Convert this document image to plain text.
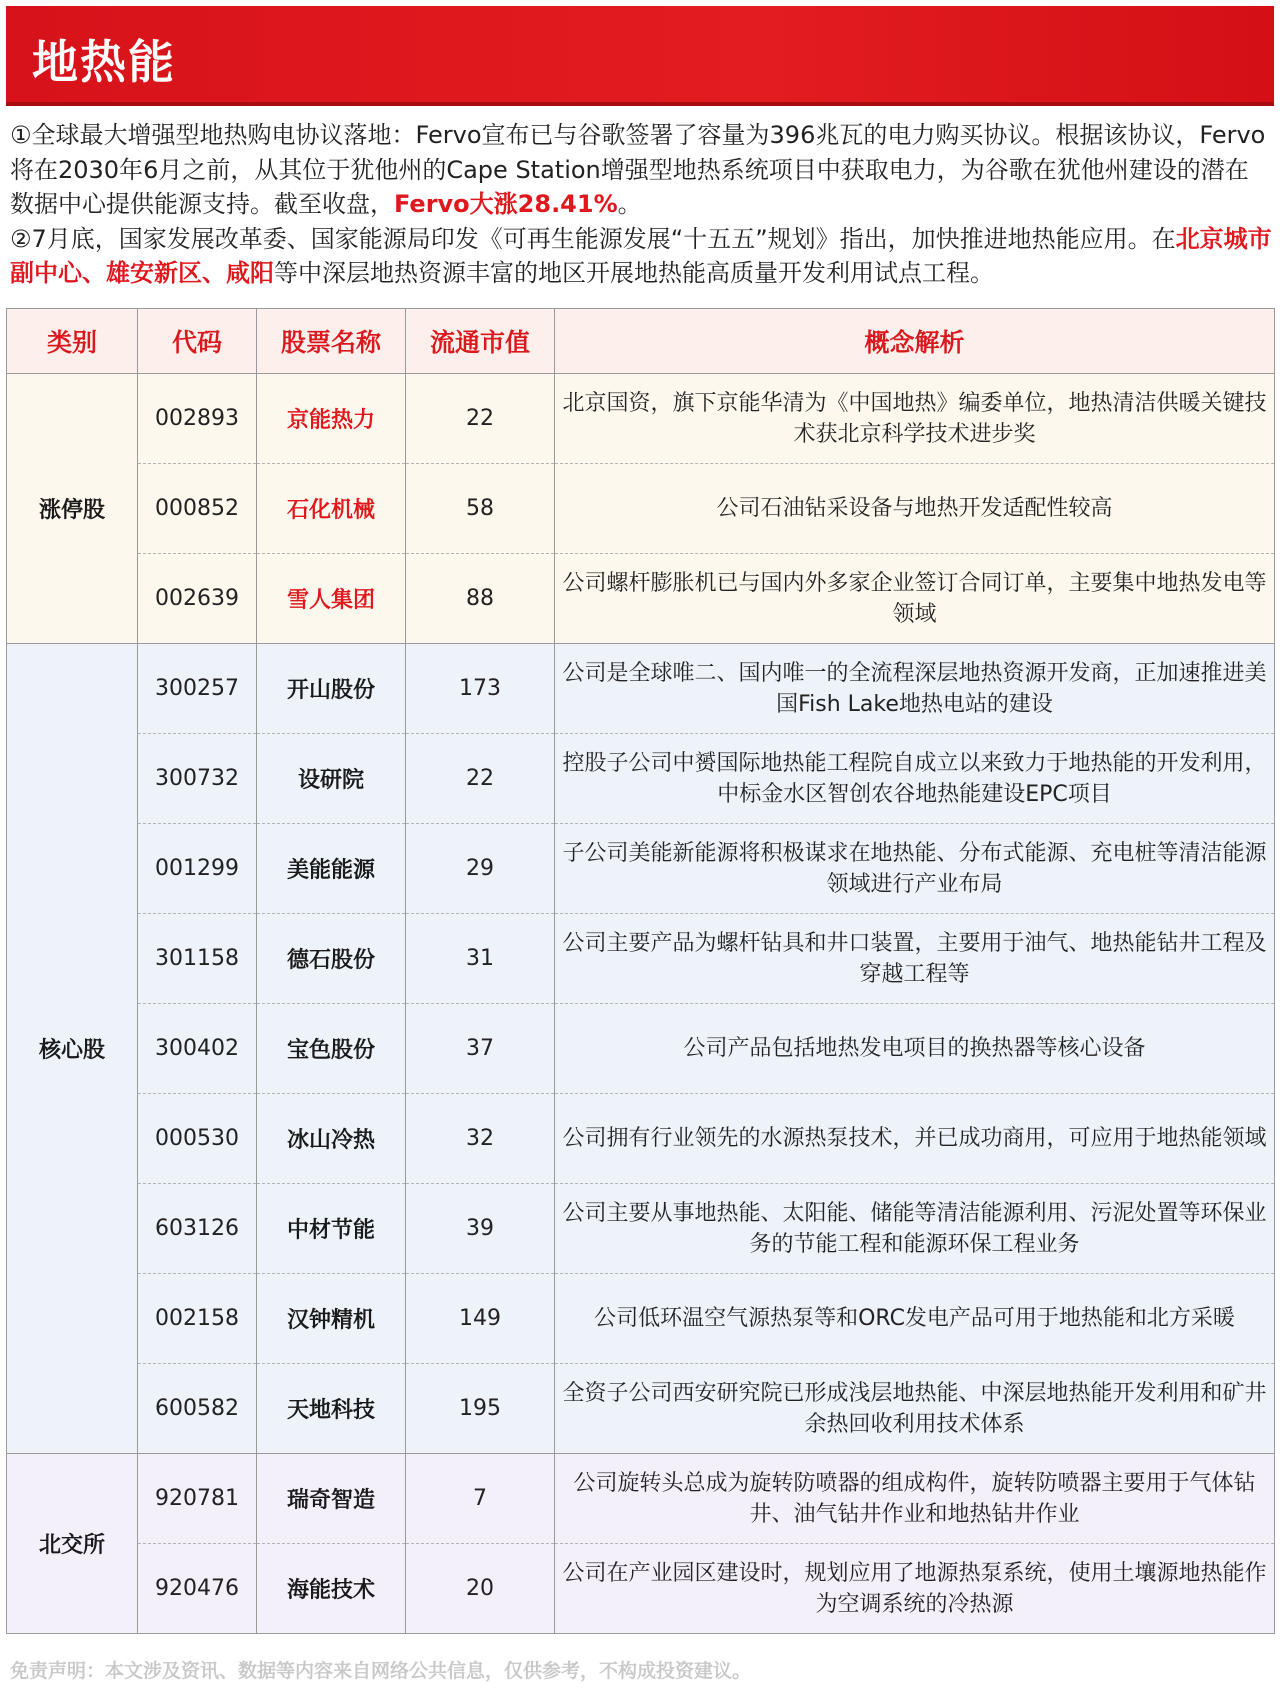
地热能

①全球最大增强型地热购电协议落地：Fervo宣布已与谷歌签署了容量为396兆瓦的电力购买协议。根据该协议，Fervo将在2030年6月之前，从其位于犹他州的Cape Station增强型地热系统项目中获取电力，为谷歌在犹他州建设的潜在数据中心提供能源支持。截至收盘，Fervo大涨28.41%。

②7月底，国家发展改革委、国家能源局印发《可再生能源发展“十五五”规划》指出，加快推进地热能应用。在北京城市副中心、雄安新区、咸阳等中深层地热资源丰富的地区开展地热能高质量开发利用试点工程。

类别	代码	股票名称	流通市值	概念解析
涨停股	002893	京能热力	22	北京国资，旗下京能华清为《中国地热》编委单位，地热清洁供暖关键技术获北京科学技术进步奖
	000852	石化机械	58	公司石油钻采设备与地热开发适配性较高
	002639	雪人集团	88	公司螺杆膨胀机已与国内外多家企业签订合同订单，主要集中地热发电等领域
核心股	300257	开山股份	173	公司是全球唯二、国内唯一的全流程深层地热资源开发商，正加速推进美国Fish Lake地热电站的建设
	300732	设研院	22	控股子公司中赟国际地热能工程院自成立以来致力于地热能的开发利用，中标金水区智创农谷地热能建设EPC项目
	001299	美能能源	29	子公司美能新能源将积极谋求在地热能、分布式能源、充电桩等清洁能源领域进行产业布局
	301158	德石股份	31	公司主要产品为螺杆钻具和井口装置，主要用于油气、地热能钻井工程及穿越工程等
	300402	宝色股份	37	公司产品包括地热发电项目的换热器等核心设备
	000530	冰山冷热	32	公司拥有行业领先的水源热泵技术，并已成功商用，可应用于地热能领域
	603126	中材节能	39	公司主要从事地热能、太阳能、储能等清洁能源利用、污泥处置等环保业务的节能工程和能源环保工程业务
	002158	汉钟精机	149	公司低环温空气源热泵等和ORC发电产品可用于地热能和北方采暖
	600582	天地科技	195	全资子公司西安研究院已形成浅层地热能、中深层地热能开发利用和矿井余热回收利用技术体系
北交所	920781	瑞奇智造	7	公司旋转头总成为旋转防喷器的组成构件，旋转防喷器主要用于气体钻井、油气钻井作业和地热钻井作业
	920476	海能技术	20	公司在产业园区建设时，规划应用了地源热泵系统，使用土壤源地热能作为空调系统的冷热源
免责声明：本文涉及资讯、数据等内容来自网络公共信息，仅供参考，不构成投资建议。
